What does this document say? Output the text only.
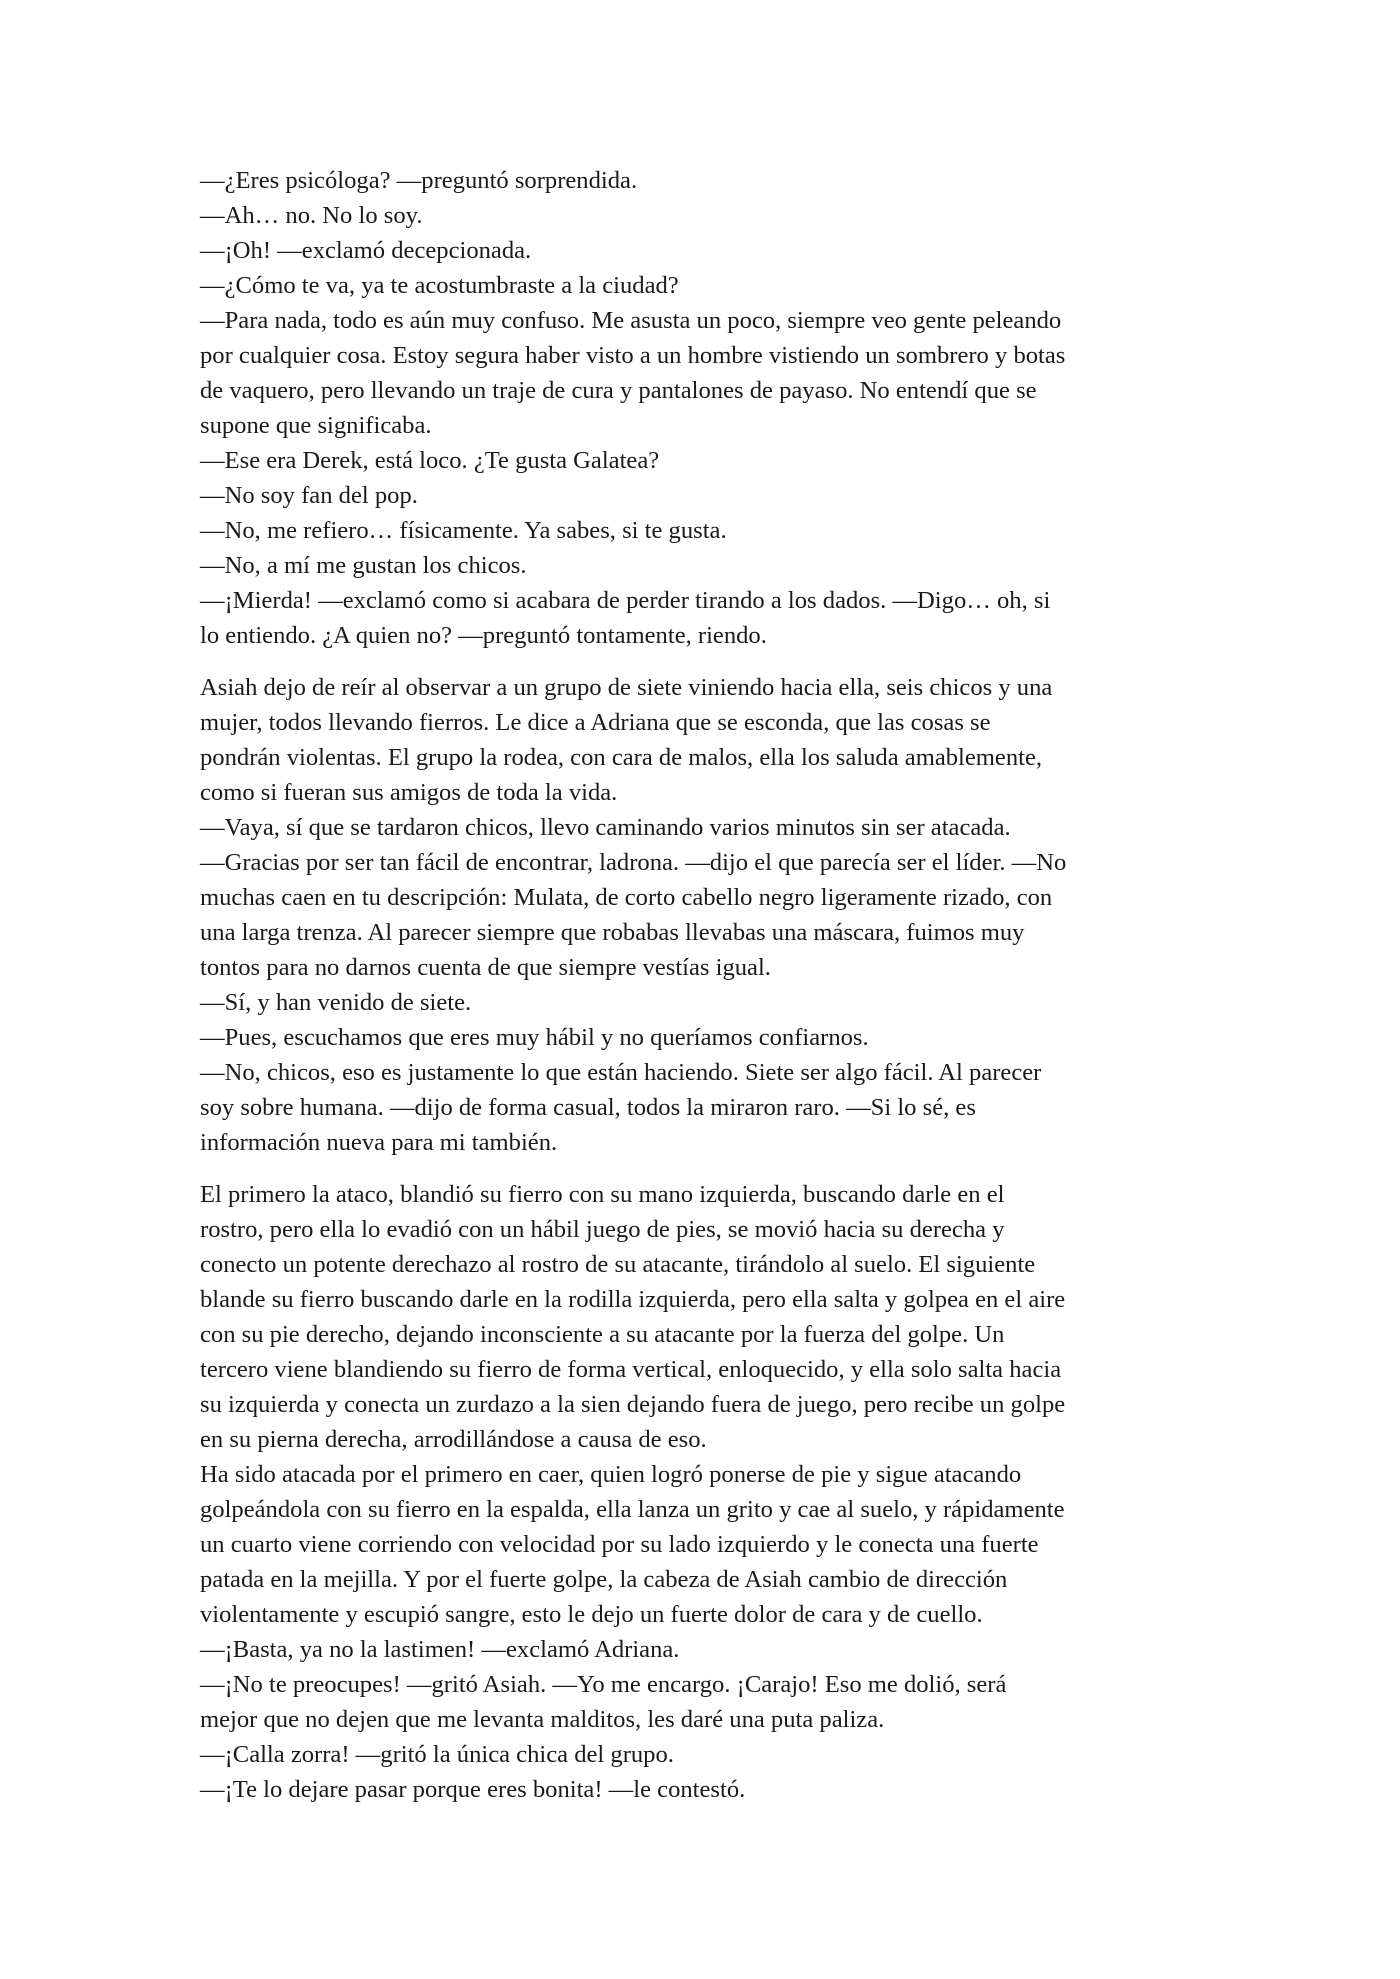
—¿Eres psicóloga? —preguntó sorprendida.
—Ah… no. No lo soy.
—¡Oh! —exclamó decepcionada.
—¿Cómo te va, ya te acostumbraste a la ciudad?
—Para nada, todo es aún muy confuso. Me asusta un poco, siempre veo gente peleando
por cualquier cosa. Estoy segura haber visto a un hombre vistiendo un sombrero y botas
de vaquero, pero llevando un traje de cura y pantalones de payaso. No entendí que se
supone que significaba.
—Ese era Derek, está loco. ¿Te gusta Galatea?
—No soy fan del pop.
—No, me refiero… físicamente. Ya sabes, si te gusta.
—No, a mí me gustan los chicos.
—¡Mierda! —exclamó como si acabara de perder tirando a los dados. —Digo… oh, si
lo entiendo. ¿A quien no? —preguntó tontamente, riendo.
Asiah dejo de reír al observar a un grupo de siete viniendo hacia ella, seis chicos y una
mujer, todos llevando fierros. Le dice a Adriana que se esconda, que las cosas se
pondrán violentas. El grupo la rodea, con cara de malos, ella los saluda amablemente,
como si fueran sus amigos de toda la vida.
—Vaya, sí que se tardaron chicos, llevo caminando varios minutos sin ser atacada.
—Gracias por ser tan fácil de encontrar, ladrona. —dijo el que parecía ser el líder. —No
muchas caen en tu descripción: Mulata, de corto cabello negro ligeramente rizado, con
una larga trenza. Al parecer siempre que robabas llevabas una máscara, fuimos muy
tontos para no darnos cuenta de que siempre vestías igual.
—Sí, y han venido de siete.
—Pues, escuchamos que eres muy hábil y no queríamos confiarnos.
—No, chicos, eso es justamente lo que están haciendo. Siete ser algo fácil. Al parecer
soy sobre humana. —dijo de forma casual, todos la miraron raro. —Si lo sé, es
información nueva para mi también.
El primero la ataco, blandió su fierro con su mano izquierda, buscando darle en el
rostro, pero ella lo evadió con un hábil juego de pies, se movió hacia su derecha y
conecto un potente derechazo al rostro de su atacante, tirándolo al suelo. El siguiente
blande su fierro buscando darle en la rodilla izquierda, pero ella salta y golpea en el aire
con su pie derecho, dejando inconsciente a su atacante por la fuerza del golpe. Un
tercero viene blandiendo su fierro de forma vertical, enloquecido, y ella solo salta hacia
su izquierda y conecta un zurdazo a la sien dejando fuera de juego, pero recibe un golpe
en su pierna derecha, arrodillándose a causa de eso.
Ha sido atacada por el primero en caer, quien logró ponerse de pie y sigue atacando
golpeándola con su fierro en la espalda, ella lanza un grito y cae al suelo, y rápidamente
un cuarto viene corriendo con velocidad por su lado izquierdo y le conecta una fuerte
patada en la mejilla. Y por el fuerte golpe, la cabeza de Asiah cambio de dirección
violentamente y escupió sangre, esto le dejo un fuerte dolor de cara y de cuello.
—¡Basta, ya no la lastimen! —exclamó Adriana.
—¡No te preocupes! —gritó Asiah. —Yo me encargo. ¡Carajo! Eso me dolió, será
mejor que no dejen que me levanta malditos, les daré una puta paliza.
—¡Calla zorra! —gritó la única chica del grupo.
—¡Te lo dejare pasar porque eres bonita! —le contestó.
